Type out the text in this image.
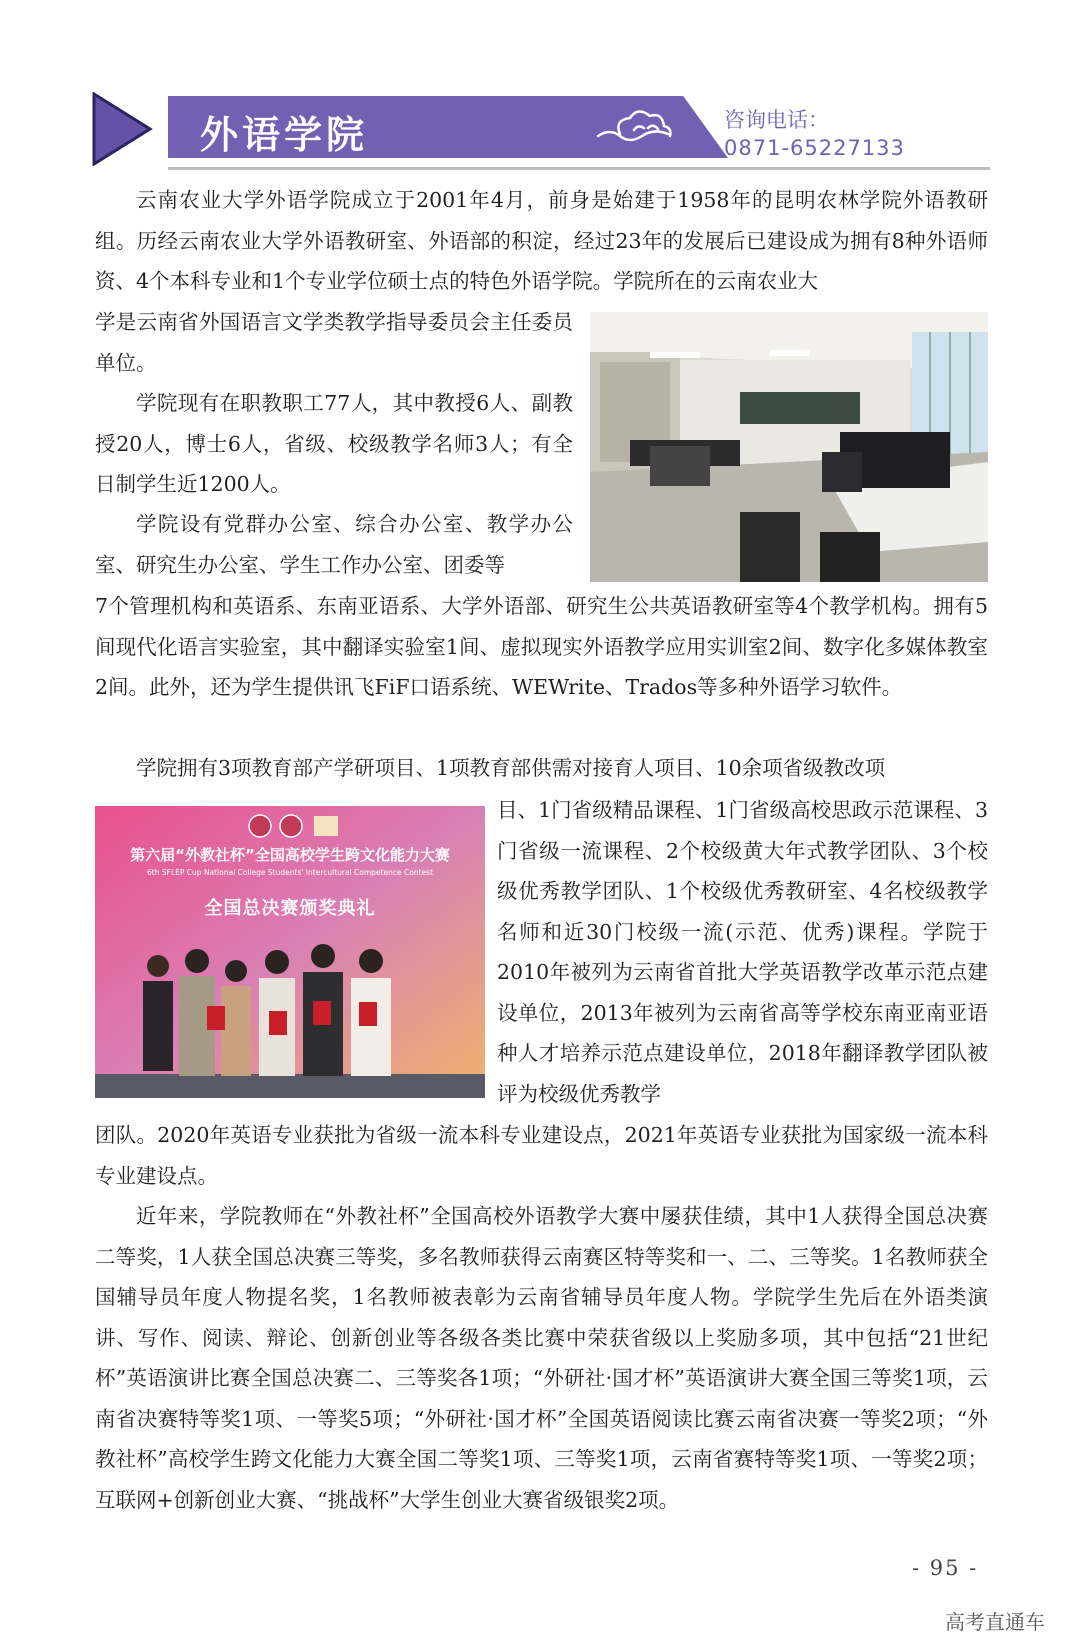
外语学院	咨询电话：
0871-65227133

云南农业大学外语学院成立于2001年4月，前身是始建于1958年的昆明农林学院外语教研组。历经云南农业大学外语教研室、外语部的积淀，经过23年的发展后已建设成为拥有8种外语师资、4个本科专业和1个专业学位硕士点的特色外语学院。学院所在的云南农业大

学是云南省外国语言文学类教学指导委员会主任委员单位。

学院现有在职教职工77人，其中教授6人、副教授20人，博士6人，省级、校级教学名师3人；有全日制学生近1200人。

学院设有党群办公室、综合办公室、教学办公室、研究生办公室、学生工作办公室、团委等

7个管理机构和英语系、东南亚语系、大学外语部、研究生公共英语教研室等4个教学机构。拥有5间现代化语言实验室，其中翻译实验室1间、虚拟现实外语教学应用实训室2间、数字化多媒体教室2间。此外，还为学生提供讯飞FiF口语系统、WEWrite、Trados等多种外语学习软件。

学院拥有3项教育部产学研项目、1项教育部供需对接育人项目、10余项省级教改项

第六届“外教社杯”全国高校学生跨文化能力大赛
6th SFLEP Cup National College Students' Intercultural Competence Contest
全国总决赛颁奖典礼

目、1门省级精品课程、1门省级高校思政示范课程、3门省级一流课程、2个校级黄大年式教学团队、3个校级优秀教学团队、1个校级优秀教研室、4名校级教学名师和近30门校级一流(示范、优秀)课程。学院于2010年被列为云南省首批大学英语教学改革示范点建设单位，2013年被列为云南省高等学校东南亚南亚语种人才培养示范点建设单位，2018年翻译教学团队被评为校级优秀教学

团队。2020年英语专业获批为省级一流本科专业建设点，2021年英语专业获批为国家级一流本科专业建设点。

近年来，学院教师在“外教社杯”全国高校外语教学大赛中屡获佳绩，其中1人获得全国总决赛二等奖，1人获全国总决赛三等奖，多名教师获得云南赛区特等奖和一、二、三等奖。1名教师获全国辅导员年度人物提名奖，1名教师被表彰为云南省辅导员年度人物。学院学生先后在外语类演讲、写作、阅读、辩论、创新创业等各级各类比赛中荣获省级以上奖励多项，其中包括“21世纪杯”英语演讲比赛全国总决赛二、三等奖各1项；“外研社·国才杯”英语演讲大赛全国三等奖1项，云南省决赛特等奖1项、一等奖5项；“外研社·国才杯”全国英语阅读比赛云南省决赛一等奖2项；“外教社杯”高校学生跨文化能力大赛全国二等奖1项、三等奖1项，云南省赛特等奖1项、一等奖2项；互联网+创新创业大赛、“挑战杯”大学生创业大赛省级银奖2项。

- 95 -
高考直通车
